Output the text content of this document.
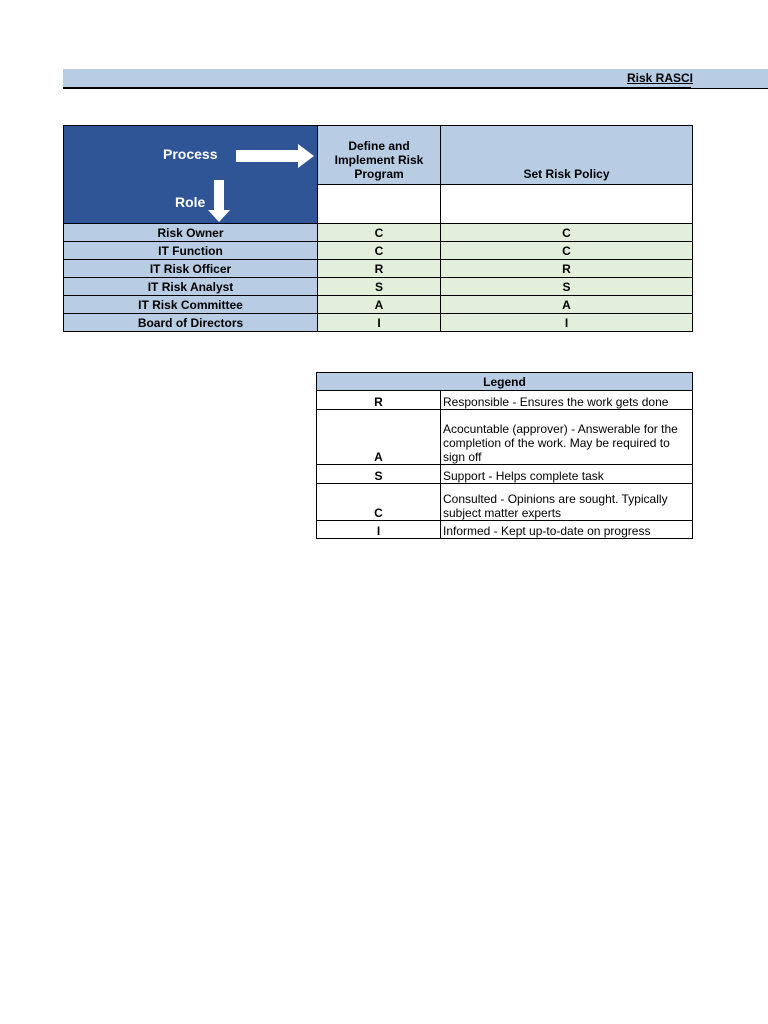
Risk RASCI
Process
Role	Define and Implement Risk Program	Set Risk Policy

Risk Owner	C	C
IT Function	C	C
IT Risk Officer	R	R
IT Risk Analyst	S	S
IT Risk Committee	A	A
Board of Directors	I	I
Legend	
R	Responsible - Ensures the work gets done
A	Acocuntable (approver) - Answerable for the completion of the work. May be required to sign off
S	Support - Helps complete task
C	Consulted - Opinions are sought. Typically subject matter experts
I	Informed - Kept up-to-date on progress
